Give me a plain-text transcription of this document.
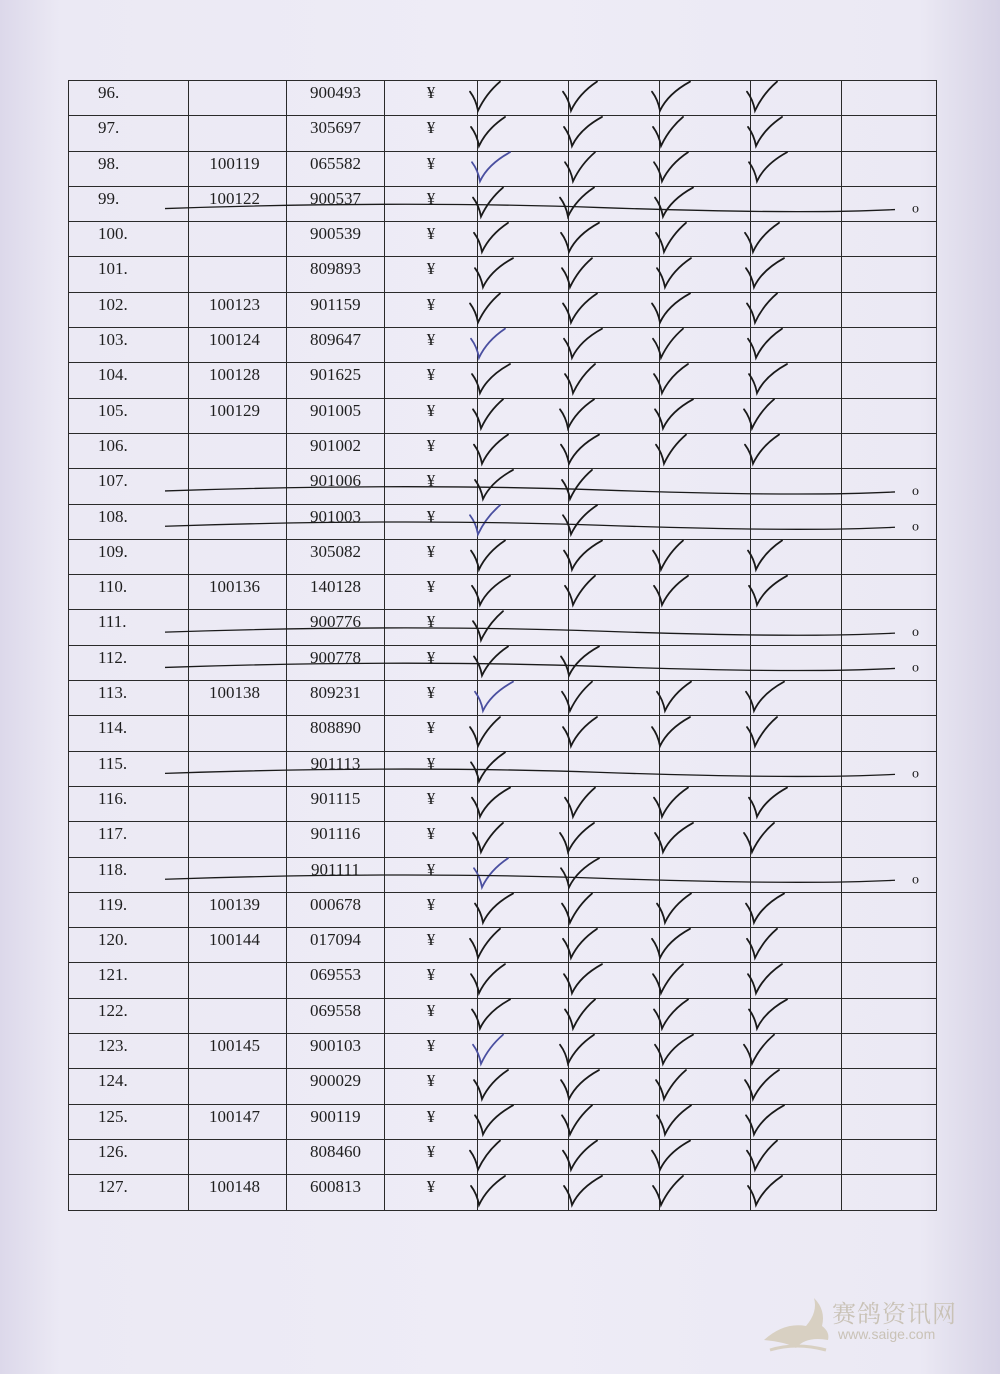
96.		900493	¥					
97.		305697	¥					
98.	100119	065582	¥					
99.	100122	900537	¥					
100.		900539	¥					
101.		809893	¥					
102.	100123	901159	¥					
103.	100124	809647	¥					
104.	100128	901625	¥					
105.	100129	901005	¥					
106.		901002	¥					
107.		901006	¥					
108.		901003	¥					
109.		305082	¥					
110.	100136	140128	¥					
111.		900776	¥					
112.		900778	¥					
113.	100138	809231	¥					
114.		808890	¥					
115.		901113	¥					
116.		901115	¥					
117.		901116	¥					
118.		901111	¥					
119.	100139	000678	¥					
120.	100144	017094	¥					
121.		069553	¥					
122.		069558	¥					
123.	100145	900103	¥					
124.		900029	¥					
125.	100147	900119	¥					
126.		808460	¥					
127.	100148	600813	¥					
o
o
o
o
o
o
o
赛鸽资讯网
www.saige.com
